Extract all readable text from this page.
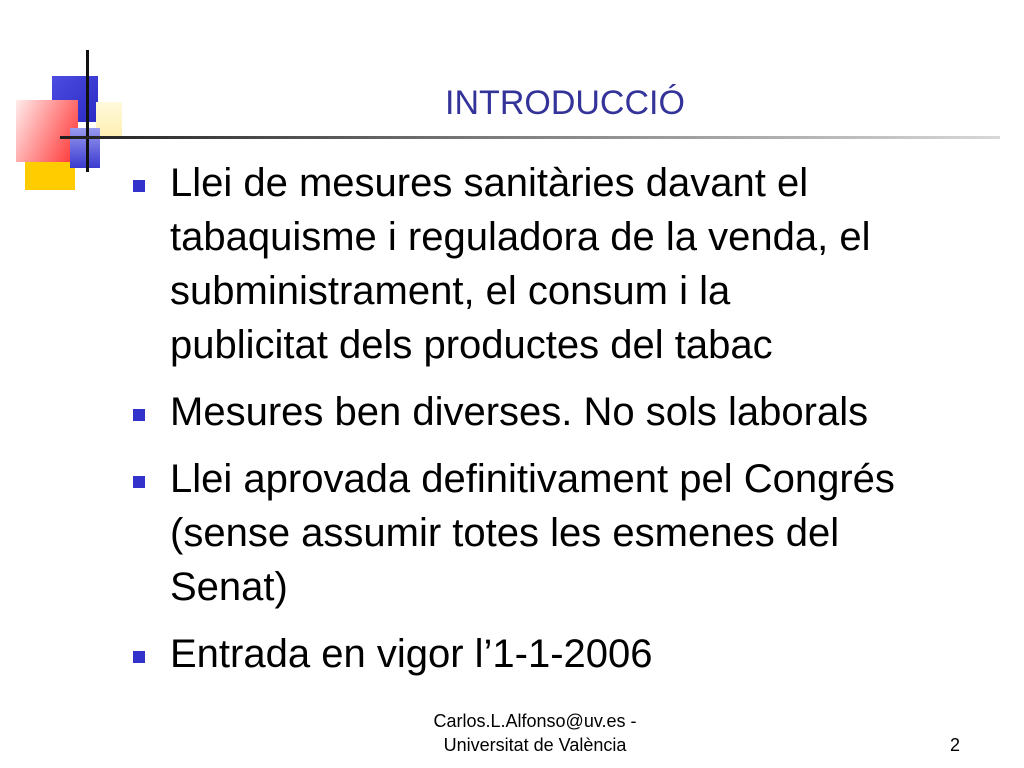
INTRODUCCIÓ
Llei de mesures sanitàries davant el
tabaquisme i reguladora de la venda, el
subministrament, el consum i la
publicitat dels productes del tabac
Mesures ben diverses. No sols laborals
Llei aprovada definitivament pel Congrés
(sense assumir totes les esmenes del
Senat)
Entrada en vigor l’1-1-2006
Carlos.L.Alfonso@uv.es -
Universitat de València	2
